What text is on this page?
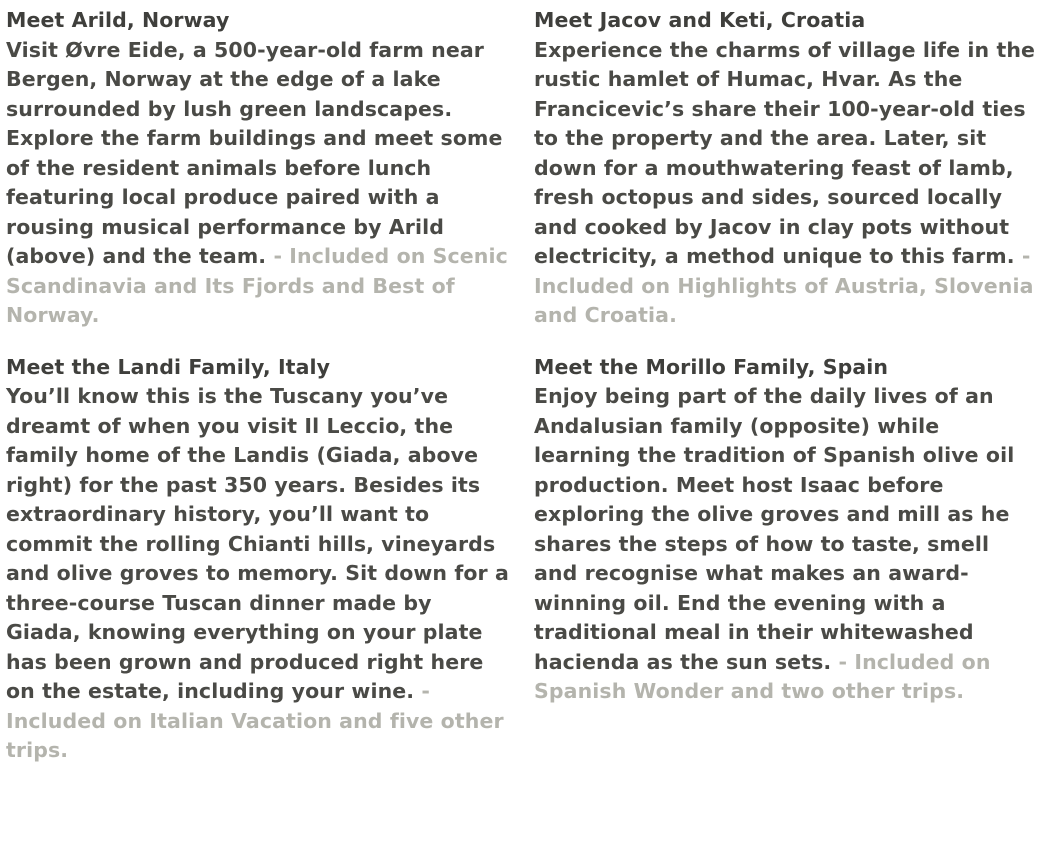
Meet Arild, Norway

Visit Øvre Eide, a 500-year-old farm near Bergen, Norway at the edge of a lake surrounded by lush green landscapes. Explore the farm buildings and meet some of the resident animals before lunch featuring local produce paired with a rousing musical performance by Arild (above) and the team. - Included on Scenic Scandinavia and Its Fjords and Best of Norway.

Meet the Landi Family, Italy

You’ll know this is the Tuscany you’ve dreamt of when you visit Il Leccio, the family home of the Landis (Giada, above right) for the past 350 years. Besides its extraordinary history, you’ll want to commit the rolling Chianti hills, vineyards and olive groves to memory. Sit down for a three-course Tuscan dinner made by Giada, knowing everything on your plate has been grown and produced right here on the estate, including your wine. - Included on Italian Vacation and five other trips.

Meet Jacov and Keti, Croatia

Experience the charms of village life in the rustic hamlet of Humac, Hvar. As the Francicevic’s share their 100-year-old ties to the property and the area. Later, sit down for a mouthwatering feast of lamb, fresh octopus and sides, sourced locally and cooked by Jacov in clay pots without electricity, a method unique to this farm. - Included on Highlights of Austria, Slovenia and Croatia.

Meet the Morillo Family, Spain

Enjoy being part of the daily lives of an Andalusian family (opposite) while learning the tradition of Spanish olive oil production. Meet host Isaac before exploring the olive groves and mill as he shares the steps of how to taste, smell and recognise what makes an award-winning oil. End the evening with a traditional meal in their whitewashed hacienda as the sun sets. - Included on Spanish Wonder and two other trips.
